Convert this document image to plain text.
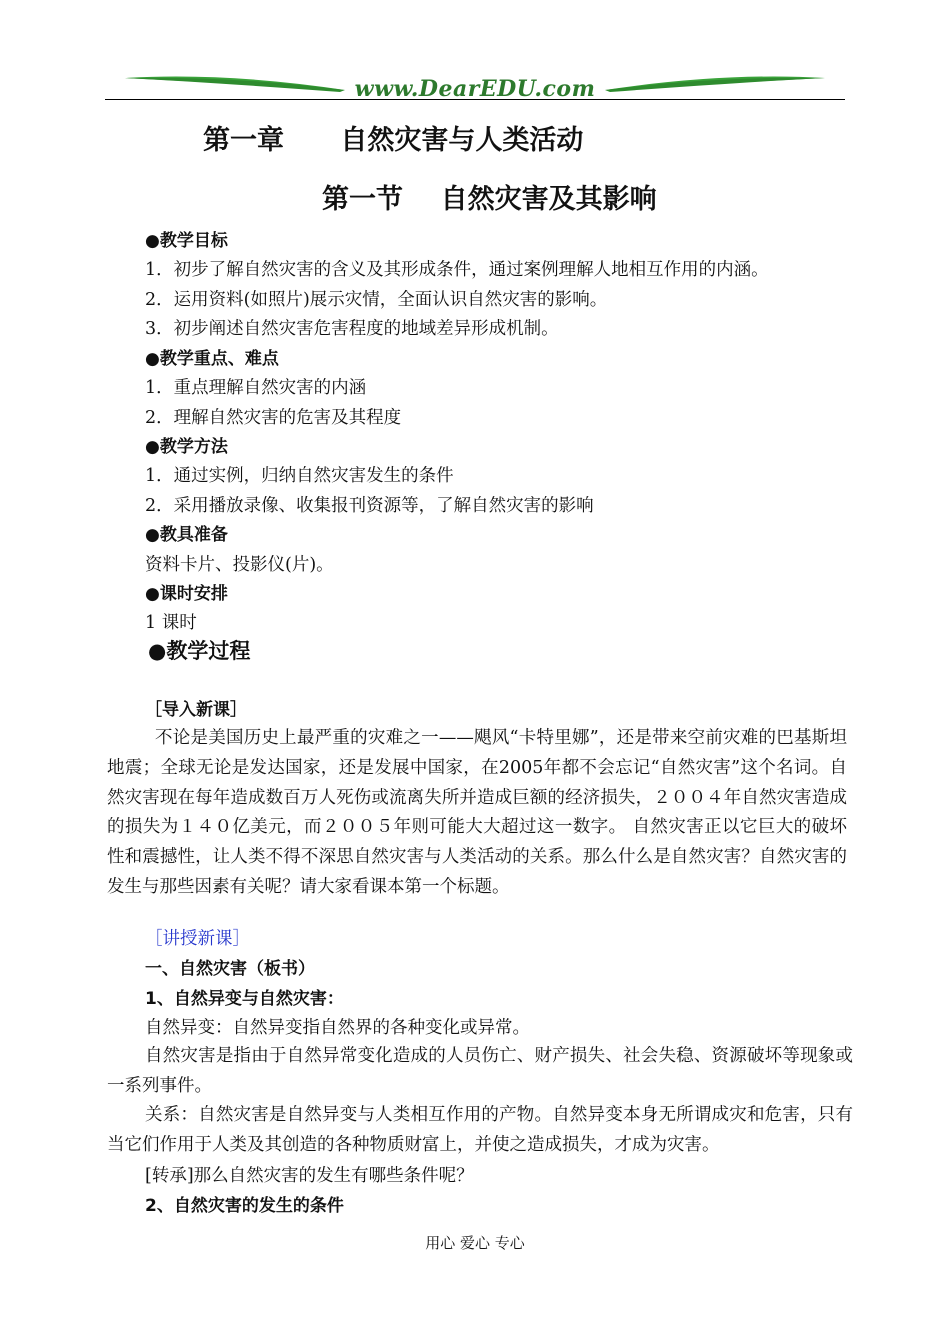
www.DearEDU.com
第一章      自然灾害与人类活动
第一节    自然灾害及其影响
●教学目标
1．初步了解自然灾害的含义及其形成条件，通过案例理解人地相互作用的内涵。
2．运用资料(如照片)展示灾情，全面认识自然灾害的影响。
3．初步阐述自然灾害危害程度的地域差异形成机制。
●教学重点、难点
1．重点理解自然灾害的内涵
2．理解自然灾害的危害及其程度
●教学方法
1．通过实例，归纳自然灾害发生的条件
2．采用播放录像、收集报刊资源等，了解自然灾害的影响
●教具准备
资料卡片、投影仪(片)。
●课时安排
1 课时
●教学过程
［导入新课］
不论是美国历史上最严重的灾难之一——飓风“卡特里娜”，还是带来空前灾难的巴基斯坦地震；全球无论是发达国家，还是发展中国家，在2005年都不会忘记“自然灾害”这个名词。自然灾害现在每年造成数百万人死伤或流离失所并造成巨额的经济损失，２００４年自然灾害造成的损失为１４０亿美元，而２００５年则可能大大超过这一数字。 自然灾害正以它巨大的破坏性和震撼性，让人类不得不深思自然灾害与人类活动的关系。那么什么是自然灾害？自然灾害的发生与那些因素有关呢？请大家看课本第一个标题。
［讲授新课］
一、自然灾害（板书）
1、自然异变与自然灾害：
自然异变：自然异变指自然界的各种变化或异常。
自然灾害是指由于自然异常变化造成的人员伤亡、财产损失、社会失稳、资源破坏等现象或一系列事件。
关系：自然灾害是自然异变与人类相互作用的产物。自然异变本身无所谓成灾和危害，只有当它们作用于人类及其创造的各种物质财富上，并使之造成损失，才成为灾害。
[转承]那么自然灾害的发生有哪些条件呢？
2、自然灾害的发生的条件
用心 爱心 专心
